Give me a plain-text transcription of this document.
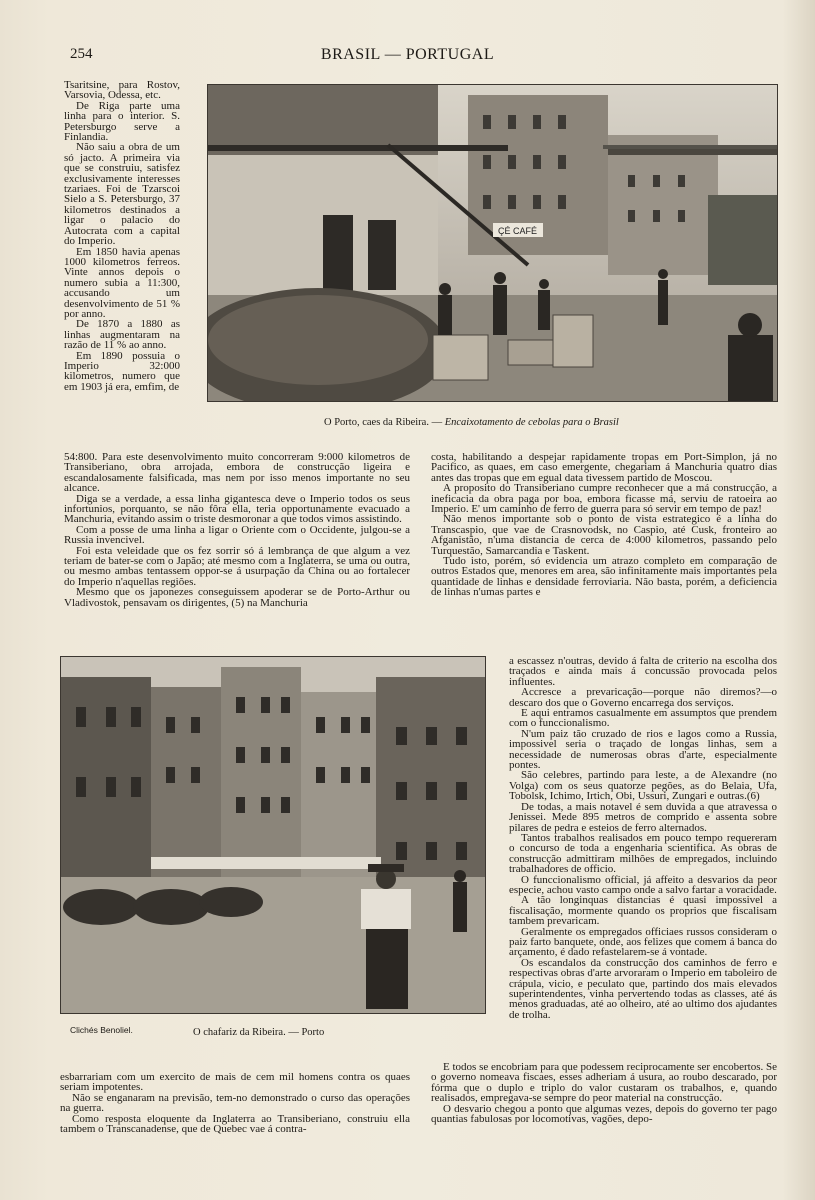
254	BRASIL — PORTUGAL

Tsaritsine, para Rostov, Varsovia, Odessa, etc.

De Riga parte uma linha para o interior. S. Petersburgo serve a Finlandia.

Não saiu a obra de um só jacto. A primeira via que se construiu, satisfez exclusivamente interesses tzariaes. Foi de Tzarscoi Sielo a S. Petersburgo, 37 kilometros destinados a ligar o palacio do Autocrata com a capital do Imperio.

Em 1850 havia apenas 1000 kilometros ferreos. Vinte annos depois o numero subia a 11:300, accusando um desenvolvimento de 51 % por anno.

De 1870 a 1880 as linhas augmentaram na razão de 11 % ao anno.

Em 1890 possuia o Imperio 32:000 kilometros, numero que em 1903 já era, emfim, de

ÇÉ CAFÉ
O Porto, caes da Ribeira. — Encaixotamento de cebolas para o Brasil

54:800. Para este desenvolvimento muito concorreram 9:000 kilometros de Transiberiano, obra arrojada, embora de construcção ligeira e escandalosamente falsificada, mas nem por isso menos importante no seu alcance.

Diga se a verdade, a essa linha gigantesca deve o Imperio todos os seus infortunios, porquanto, se não fôra ella, teria opportunamente evacuado a Manchuria, evitando assim o triste desmoronar a que todos vimos assistindo.

Com a posse de uma linha a ligar o Oriente com o Occidente, julgou-se a Russia invencivel.

Foi esta veleidade que os fez sorrir só á lembrança de que algum a vez teriam de bater-se com o Japão; até mesmo com a Inglaterra, se uma ou outra, ou mesmo ambas tentassem oppor-se á usurpação da China ou ao fortalecer do Imperio n'aquellas regiões.

Mesmo que os japonezes conseguissem apoderar se de Porto-Arthur ou Vladivostok, pensavam os dirigentes, (5) na Manchuria

costa, habilitando a despejar rapidamente tropas em Port-Simplon, já no Pacifico, as quaes, em caso emergente, chegariam á Manchuria quatro dias antes das tropas que em egual data tivessem partido de Moscou.

A proposito do Transiberiano cumpre reconhecer que a má construcção, a ineficacia da obra paga por boa, embora ficasse má, serviu de ratoeira ao Imperio. E' um caminho de ferro de guerra para só servir em tempo de paz!

Não menos importante sob o ponto de vista estrategico é a linha do Transcaspio, que vae de Crasnovodsk, no Caspio, até Cusk, fronteiro ao Afganistão, n'uma distancia de cerca de 4:000 kilometros, passando pelo Turquestão, Samarcandia e Taskent.

Tudo isto, porém, só evidencia um atrazo completo em comparação de outros Estados que, menores em area, são infinitamente mais importantes pela quantidade de linhas e densidade ferroviaria. Não basta, porém, a deficiencia de linhas n'umas partes e

Clichés Benoliel.	O chafariz da Ribeira. — Porto

a escassez n'outras, devido á falta de criterio na escolha dos traçados e ainda mais á concussão provocada pelos influentes.

Accresce a prevaricação—porque não diremos?—o descaro dos que o Governo encarrega dos serviços.

E aqui entramos casualmente em assumptos que prendem com o funccionalismo.

N'um paiz tão cruzado de rios e lagos como a Russia, impossivel seria o traçado de longas linhas, sem a necessidade de numerosas obras d'arte, especialmente pontes.

São celebres, partindo para leste, a de Alexandre (no Volga) com os seus quatorze pegões, as do Belaia, Ufa, Tobolsk, Ichimo, Irtich, Obi, Ussuri, Zungari e outras.(6)

De todas, a mais notavel é sem duvida a que atravessa o Jenissei. Mede 895 metros de comprido e assenta sobre pilares de pedra e esteios de ferro alternados.

Tantos trabalhos realisados em pouco tempo requereram o concurso de toda a engenharia scientifica. As obras de construcção admittiram milhões de empregados, incluindo trabalhadores de officio.

O funccionalismo official, já affeito a desvarios da peor especie, achou vasto campo onde a salvo fartar a voracidade.

A tão longinquas distancias é quasi impossivel a fiscalisação, mormente quando os proprios que fiscalisam tambem prevaricam.

Geralmente os empregados officiaes russos consideram o paiz farto banquete, onde, aos felizes que comem á banca do arçamento, é dado refastelarem-se á vontade.

Os escandalos da construcção dos caminhos de ferro e respectivas obras d'arte arvoraram o Imperio em taboleiro de crápula, vicio, e peculato que, partindo dos mais elevados superintendentes, vinha pervertendo todas as classes, até ás menos graduadas, até ao olheiro, até ao ultimo dos ajudantes de trolha.

esbarrariam com um exercito de mais de cem mil homens contra os quaes seriam impotentes.

Não se enganaram na previsão, tem-no demonstrado o curso das operações na guerra.

Como resposta eloquente da Inglaterra ao Transiberiano, construiu ella tambem o Transcanadense, que de Quebec vae á contra-

E todos se encobriam para que podessem reciprocamente ser encobertos. Se o governo nomeava fiscaes, esses adheriam á usura, ao roubo descarado, por fórma que o duplo e triplo do valor custaram os trabalhos, e, quando realisados, empregava-se sempre do peor material na construcção.

O desvario chegou a ponto que algumas vezes, depois do governo ter pago quantias fabulosas por locomotivas, vagões, depo-
